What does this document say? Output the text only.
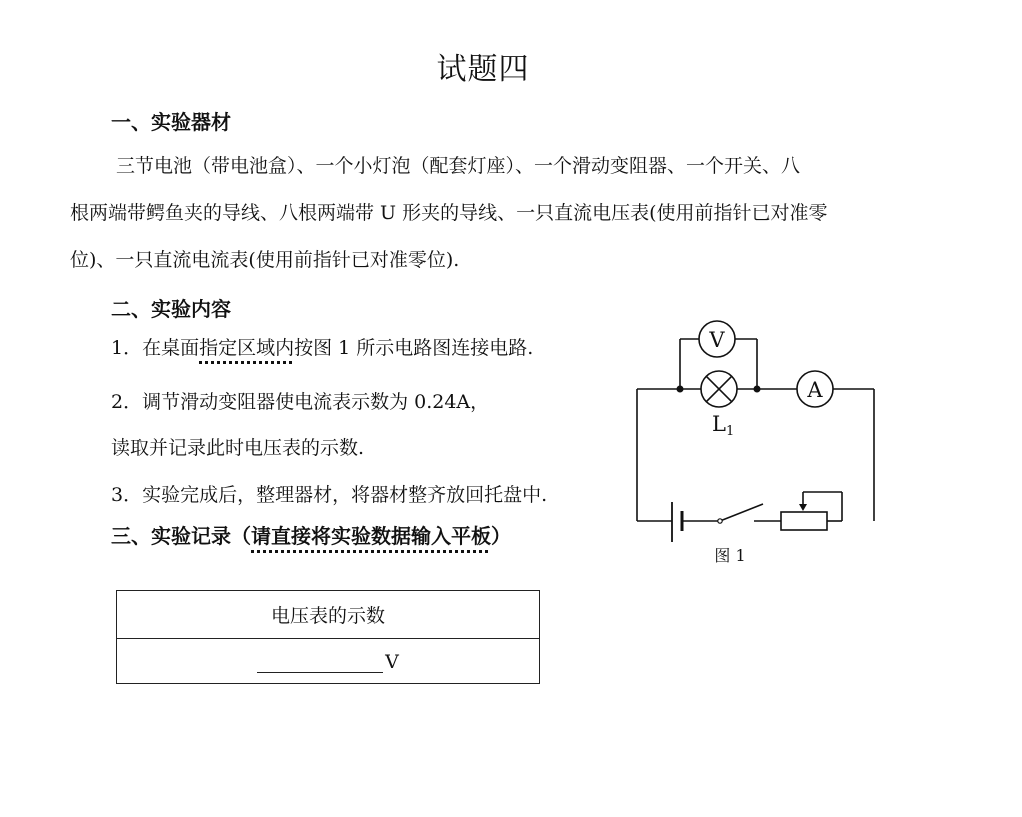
试题四
一、实验器材
三节电池（带电池盒）、一个小灯泡（配套灯座）、一个滑动变阻器、一个开关、八
根两端带鳄鱼夹的导线、八根两端带 U 形夹的导线、一只直流电压表(使用前指针已对准零
位)、一只直流电流表(使用前指针已对准零位).
二、实验内容
1．在桌面指定区域内按图 1 所示电路图连接电路.
2．调节滑动变阻器使电流表示数为 0.24A，
读取并记录此时电压表的示数.
3．实验完成后，整理器材，将器材整齐放回托盘中.
三、实验记录（请直接将实验数据输入平板）
电压表的示数
V
V
A
L1
图 1
